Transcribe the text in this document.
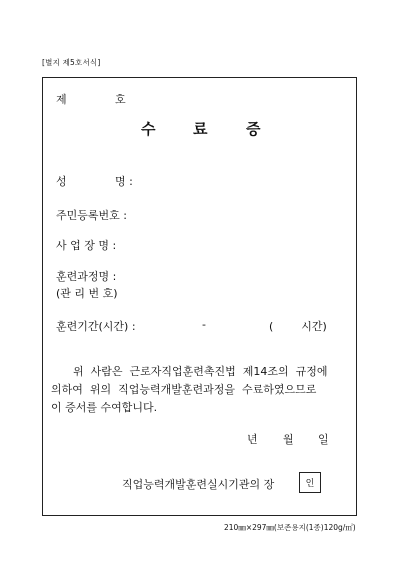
[별지 제5호서식]
제	호
수	료	증
성	명 :
주민등록번호 :
사 업 장 명 :
훈련과정명 :
(관 리 번 호)
훈련기간(시간) :	-	(        시간)
위  사람은  근로자직업훈련촉진법  제14조의  규정에
의하여  위의  직업능력개발훈련과정을  수료하였으므로
이 증서를 수여합니다.
년 월 일
직업능력개발훈련실시기관의 장	인
210㎜×297㎜(보존용지(1종)120g/㎡)
